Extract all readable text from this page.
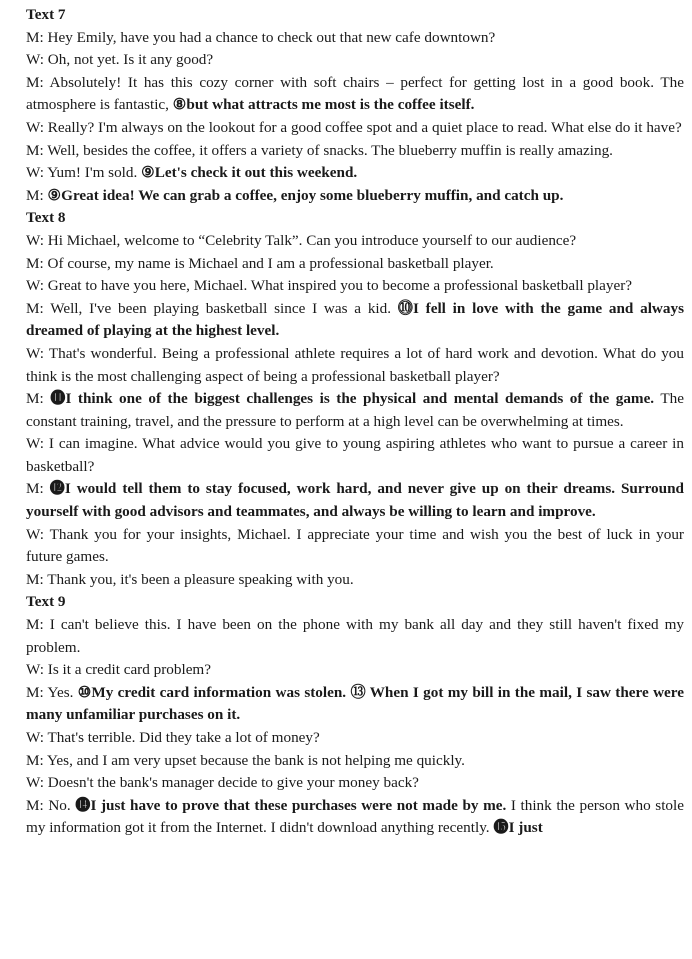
Text 7

M: Hey Emily, have you had a chance to check out that new cafe downtown?

W: Oh, not yet. Is it any good?

M: Absolutely! It has this cozy corner with soft chairs – perfect for getting lost in a good book. The atmosphere is fantastic, ⑧but what attracts me most is the coffee itself.

W: Really? I'm always on the lookout for a good coffee spot and a quiet place to read. What else do it have?

M: Well, besides the coffee, it offers a variety of snacks. The blueberry muffin is really amazing.

W: Yum! I'm sold. ⑨Let's check it out this weekend.

M: ⑨Great idea! We can grab a coffee, enjoy some blueberry muffin, and catch up.

Text 8

W: Hi Michael, welcome to “Celebrity Talk”. Can you introduce yourself to our audience?

M: Of course, my name is Michael and I am a professional basketball player.

W: Great to have you here, Michael. What inspired you to become a professional basketball player?

M: Well, I've been playing basketball since I was a kid. ⓾I fell in love with the game and always dreamed of playing at the highest level.

W: That's wonderful. Being a professional athlete requires a lot of hard work and devotion. What do you think is the most challenging aspect of being a professional basketball player?

M: ⓫I think one of the biggest challenges is the physical and mental demands of the game. The constant training, travel, and the pressure to perform at a high level can be overwhelming at times.

W: I can imagine. What advice would you give to young aspiring athletes who want to pursue a career in basketball?

M: ⓬I would tell them to stay focused, work hard, and never give up on their dreams. Surround yourself with good advisors and teammates, and always be willing to learn and improve.

W: Thank you for your insights, Michael. I appreciate your time and wish you the best of luck in your future games.

M: Thank you, it's been a pleasure speaking with you.

Text 9

M: I can't believe this. I have been on the phone with my bank all day and they still haven't fixed my problem.

W: Is it a credit card problem?

M: Yes. ⑩My credit card information was stolen. ⑬ When I got my bill in the mail, I saw there were many unfamiliar purchases on it.

W: That's terrible. Did they take a lot of money?

M: Yes, and I am very upset because the bank is not helping me quickly.

W: Doesn't the bank's manager decide to give your money back?

M: No. ⓮I just have to prove that these purchases were not made by me. I think the person who stole my information got it from the Internet. I didn't download anything recently. ⓯I just
